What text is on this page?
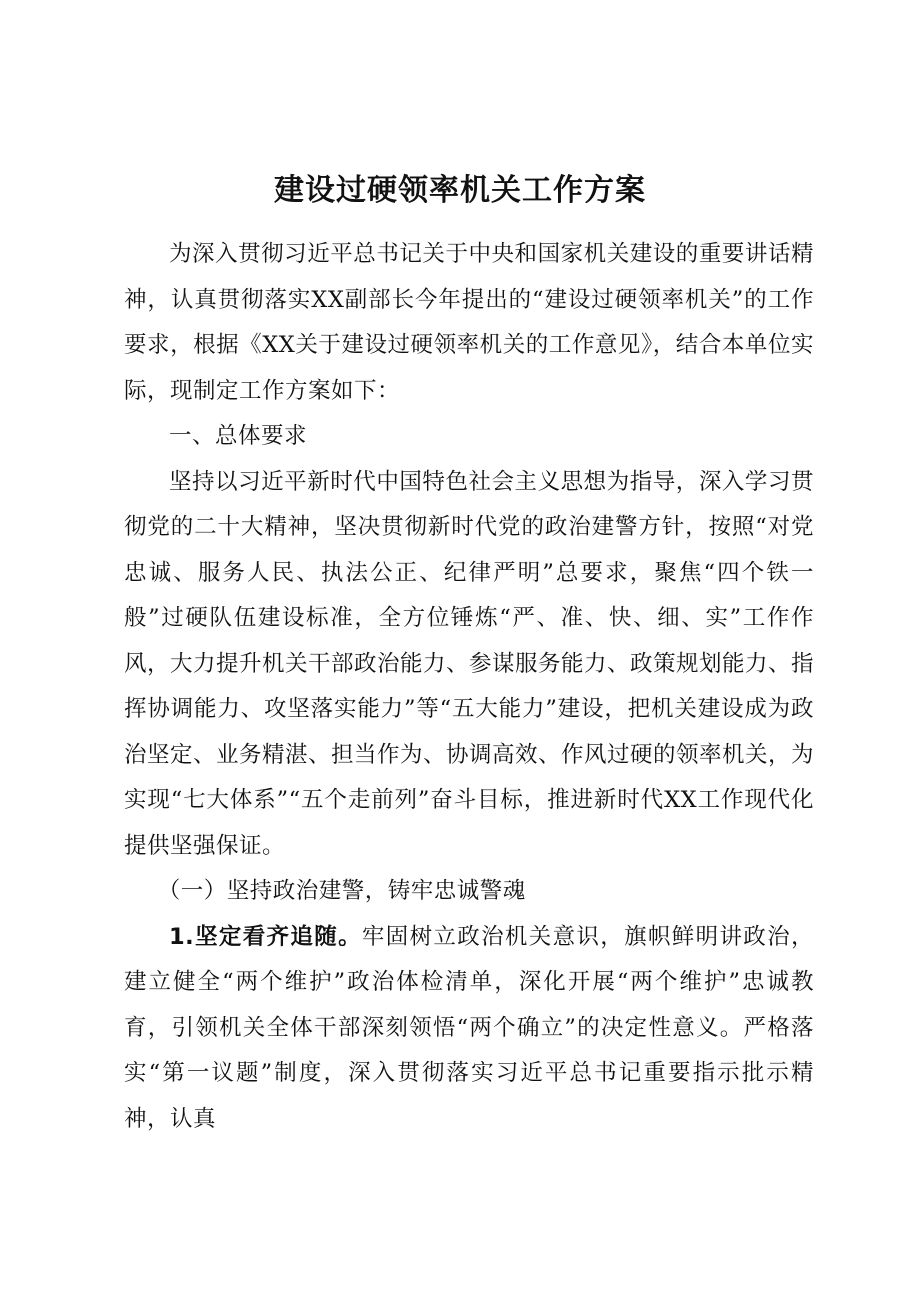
建设过硬领率机关工作方案

为深入贯彻习近平总书记关于中央和国家机关建设的重要讲话精神，认真贯彻落实XX副部长今年提出的“建设过硬领率机关”的工作要求，根据《XX关于建设过硬领率机关的工作意见》，结合本单位实际，现制定工作方案如下：

一、总体要求

坚持以习近平新时代中国特色社会主义思想为指导，深入学习贯彻党的二十大精神，坚决贯彻新时代党的政治建警方针，按照“对党忠诚、服务人民、执法公正、纪律严明”总要求，聚焦“四个铁一般”过硬队伍建设标准，全方位锤炼“严、准、快、细、实”工作作风，大力提升机关干部政治能力、参谋服务能力、政策规划能力、指挥协调能力、攻坚落实能力”等“五大能力”建设，把机关建设成为政治坚定、业务精湛、担当作为、协调高效、作风过硬的领率机关，为实现“七大体系”“五个走前列”奋斗目标，推进新时代XX工作现代化提供坚强保证。

（一）坚持政治建警，铸牢忠诚警魂

1.坚定看齐追随。牢固树立政治机关意识，旗帜鲜明讲政治，建立健全“两个维护”政治体检清单，深化开展“两个维护”忠诚教育，引领机关全体干部深刻领悟“两个确立”的决定性意义。严格落实“第一议题”制度，深入贯彻落实习近平总书记重要指示批示精神，认真
